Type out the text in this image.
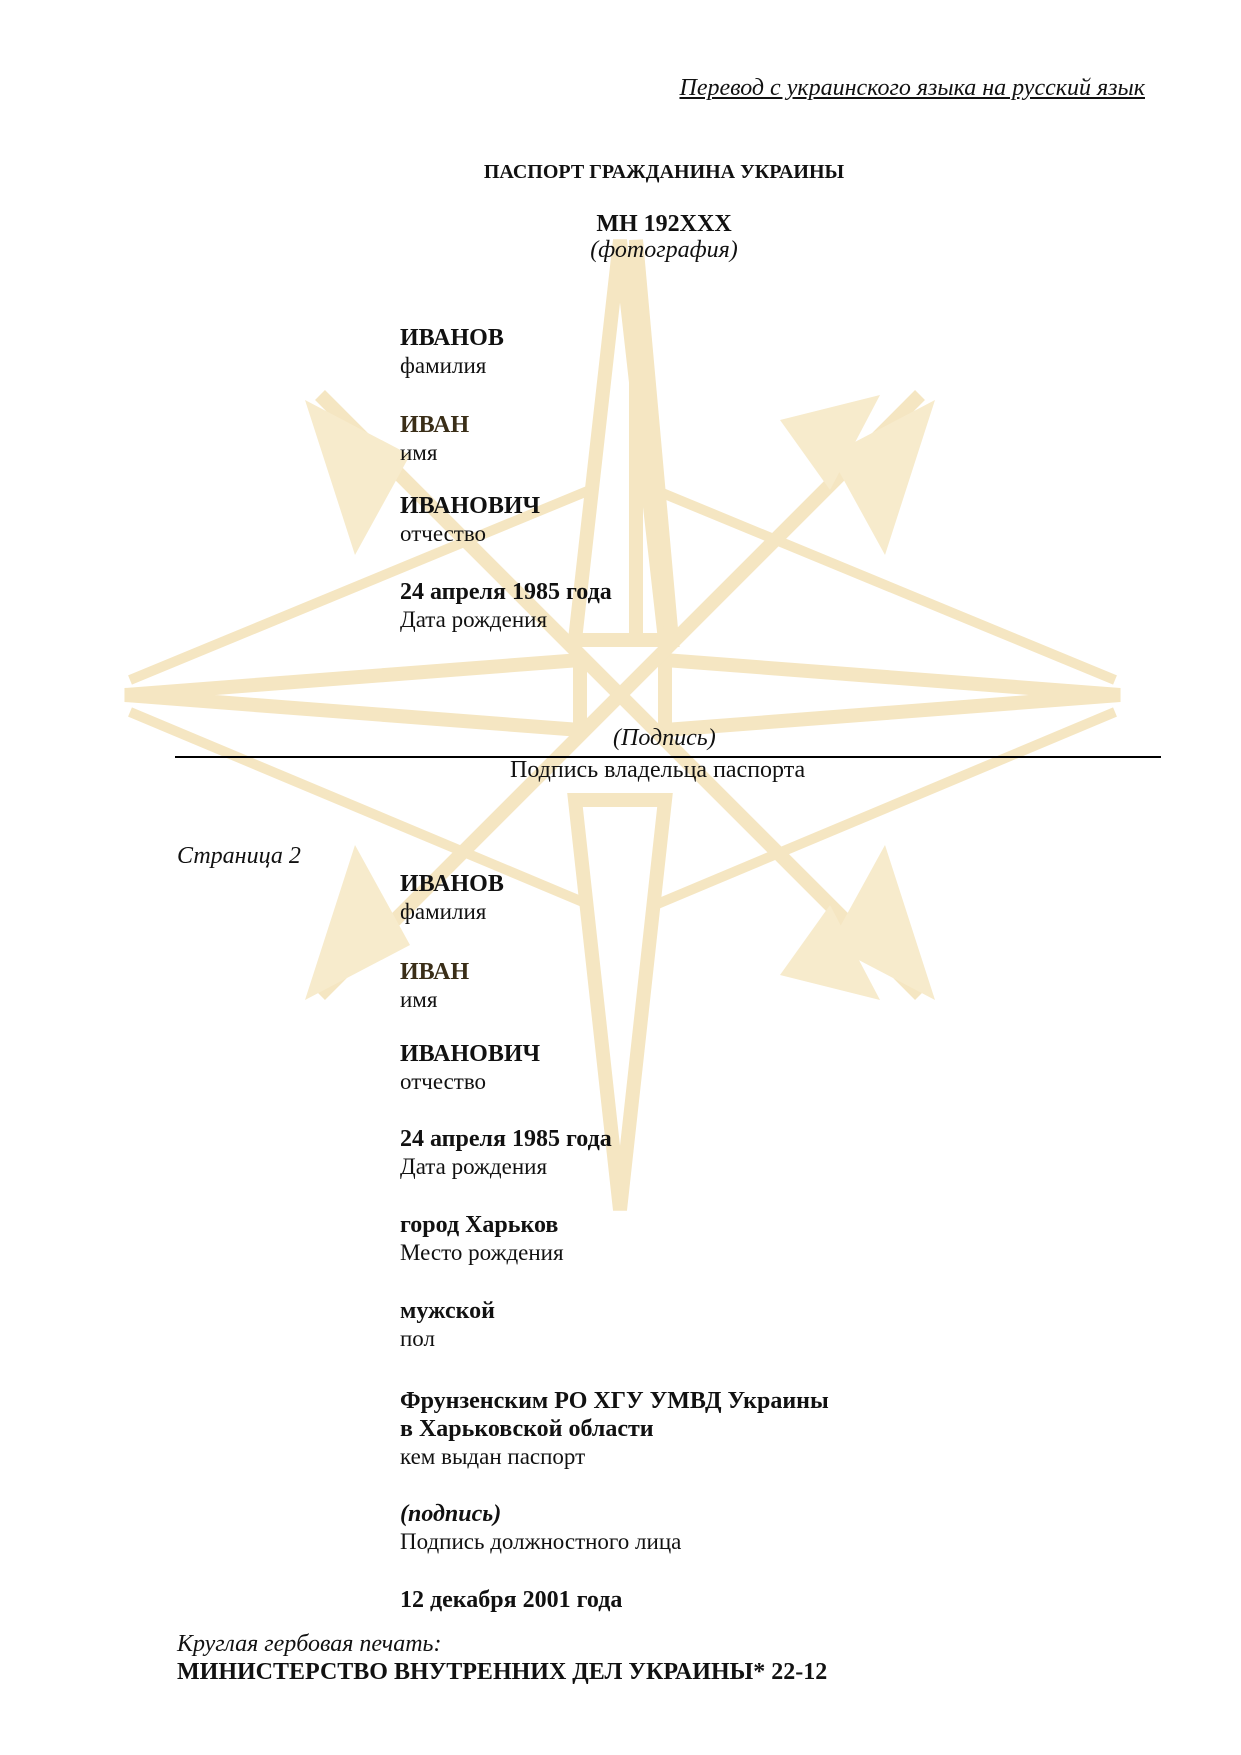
Перевод с украинского языка на русский язык
ПАСПОРТ ГРАЖДАНИНА УКРАИНЫ
МН 192XXX
(фотография)
ИВАНОВ
фамилия
ИВАН
имя
ИВАНОВИЧ
отчество
24 апреля 1985 года
Дата рождения
(Подпись)
Подпись владельца паспорта
Страница 2
ИВАНОВ
фамилия
ИВАН
имя
ИВАНОВИЧ
отчество
24 апреля 1985 года
Дата рождения
город Харьков
Место рождения
мужской
пол
Фрунзенским РО ХГУ УМВД Украины
в Харьковской области
кем выдан паспорт
(подпись)
Подпись должностного лица
12 декабря 2001 года
Круглая гербовая печать:
МИНИСТЕРСТВО ВНУТРЕННИХ ДЕЛ УКРАИНЫ* 22-12
